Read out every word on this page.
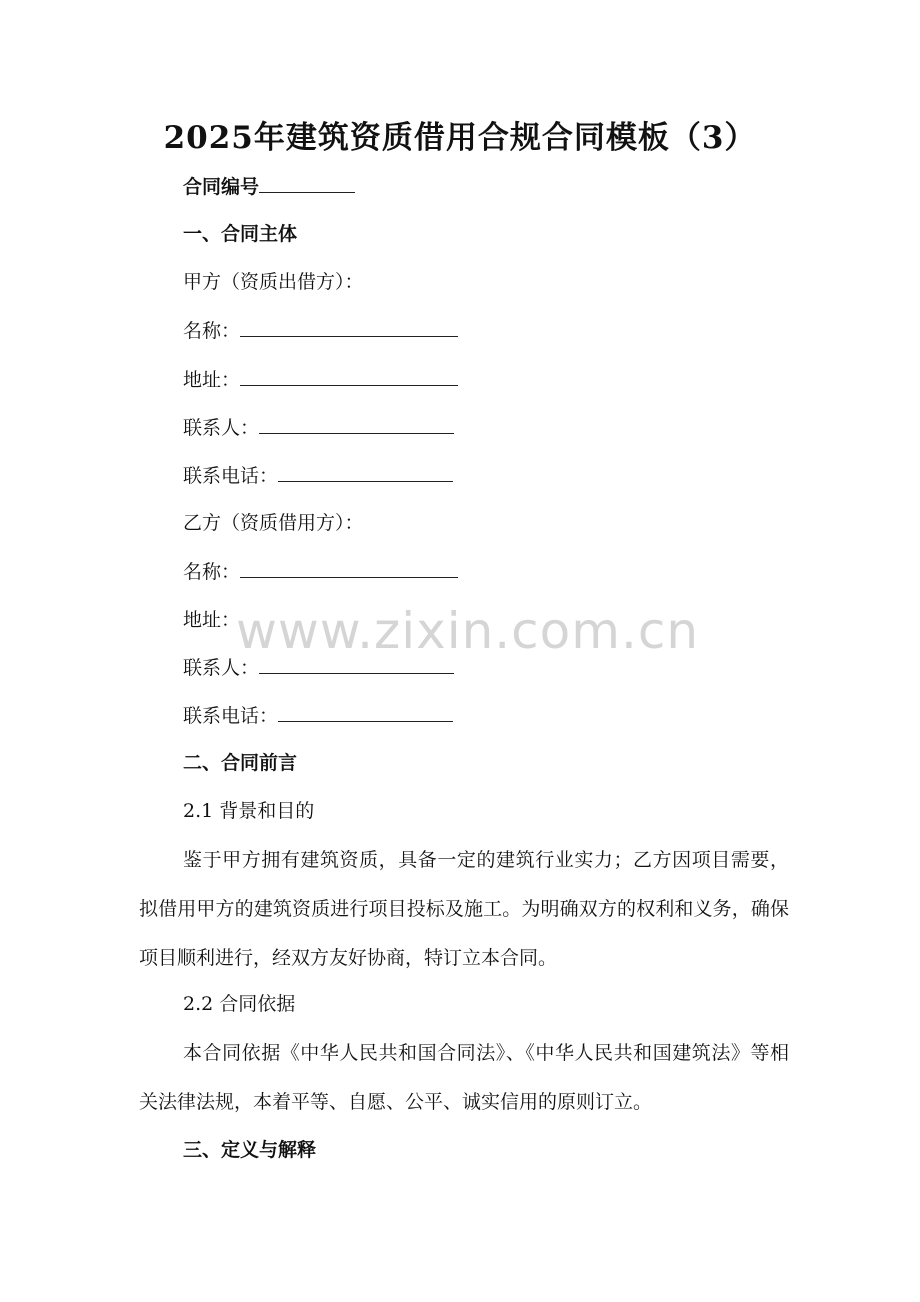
2025年建筑资质借用合规合同模板（3）
合同编号
一、合同主体
甲方（资质出借方）：
名称：
地址：
联系人：
联系电话：
乙方（资质借用方）：
名称：
地址：
联系人：
联系电话：
二、合同前言
2.1 背景和目的
鉴于甲方拥有建筑资质，具备一定的建筑行业实力；乙方因项目需要，拟借用甲方的建筑资质进行项目投标及施工。为明确双方的权利和义务，确保项目顺利进行，经双方友好协商，特订立本合同。
2.2 合同依据
本合同依据《中华人民共和国合同法》、《中华人民共和国建筑法》等相关法律法规，本着平等、自愿、公平、诚实信用的原则订立。
三、定义与解释
www.zixin.com.cn
